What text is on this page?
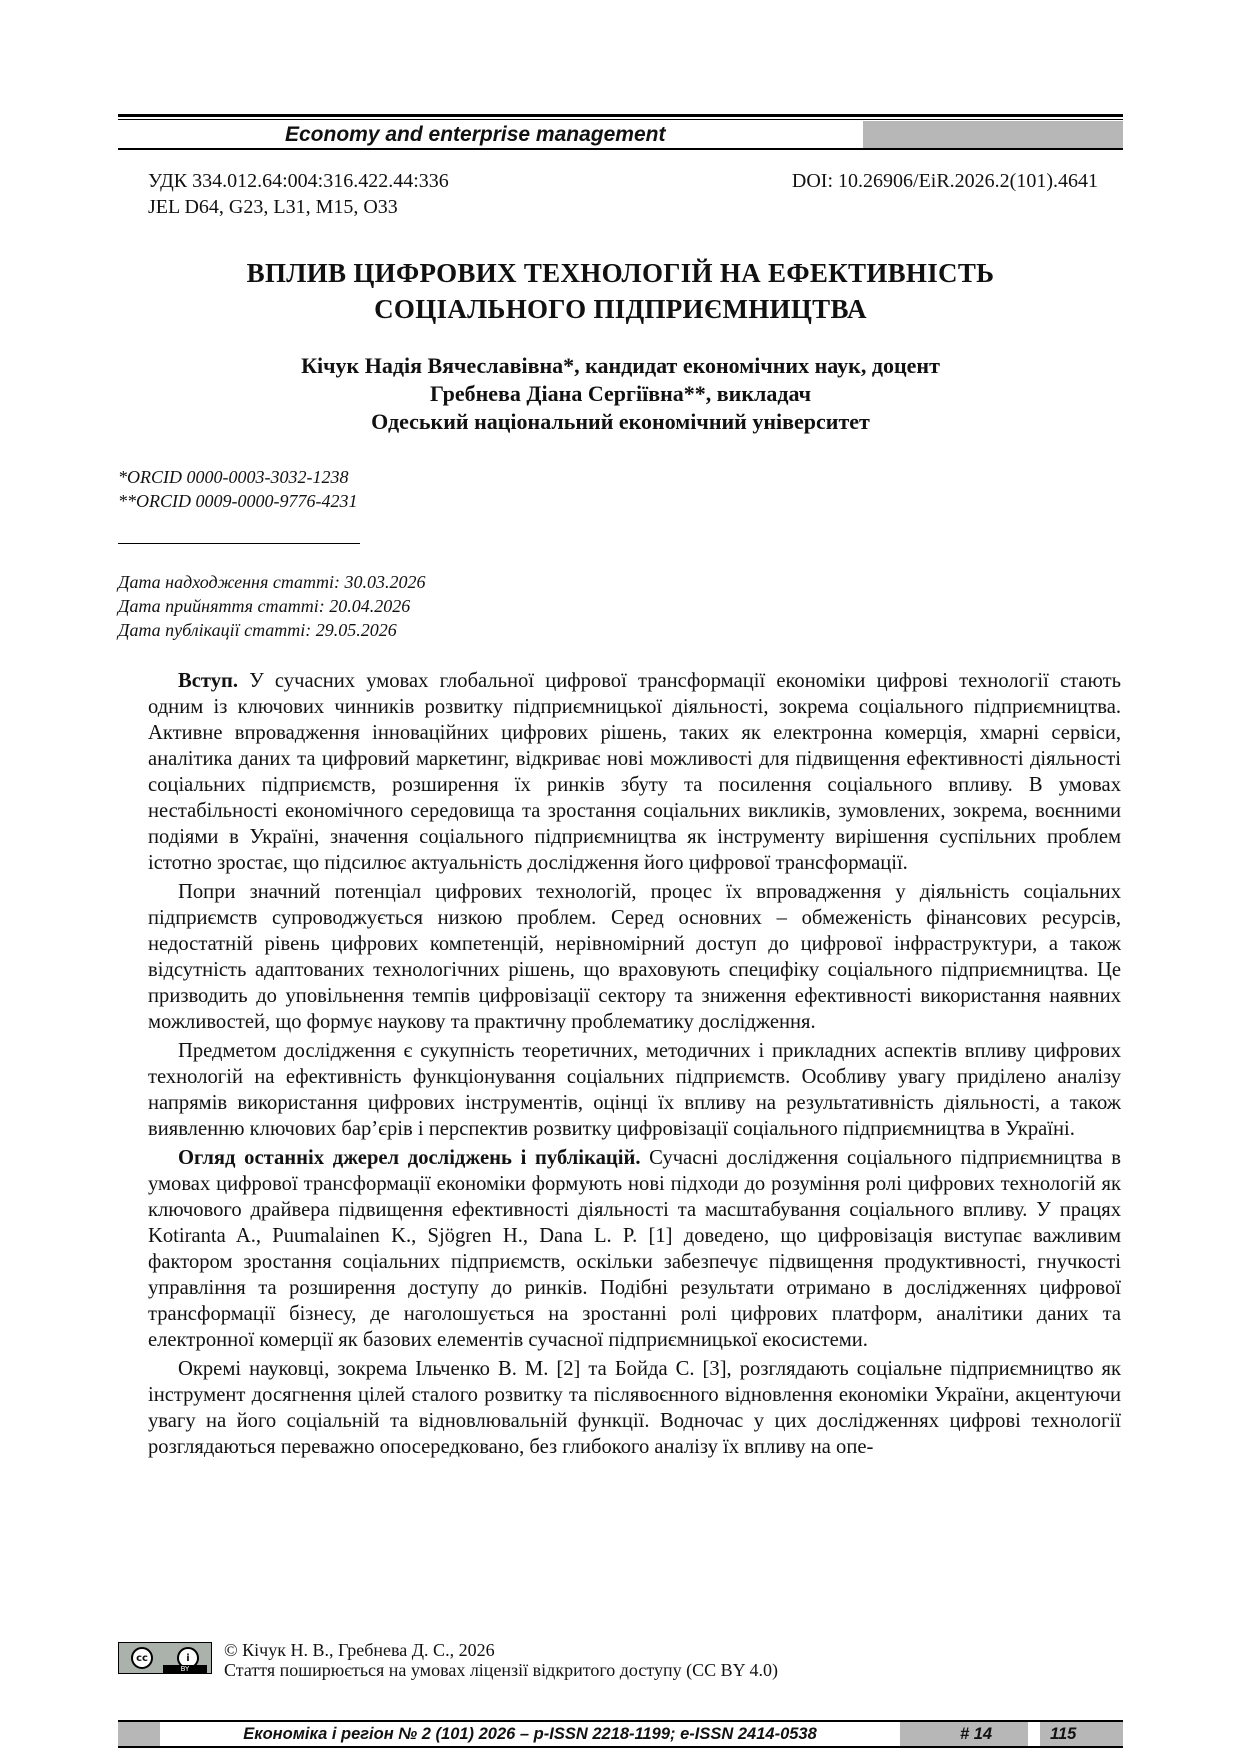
Economy and enterprise management
УДК 334.012.64:004:316.422.44:336	DOI: 10.26906/EiR.2026.2(101).4641
JEL D64, G23, L31, M15, O33
ВПЛИВ ЦИФРОВИХ ТЕХНОЛОГІЙ НА ЕФЕКТИВНІСТЬ
СОЦІАЛЬНОГО ПІДПРИЄМНИЦТВА
Кічук Надія Вячеславівна*, кандидат економічних наук, доцент
Гребнева Діана Сергіївна**, викладач
Одеський національний економічний університет
*ORCID 0000-0003-3032-1238
**ORCID 0009-0000-9776-4231
Дата надходження статті: 30.03.2026
Дата прийняття статті: 20.04.2026
Дата публікації статті: 29.05.2026

Вступ. У сучасних умовах глобальної цифрової трансформації економіки цифрові технології стають одним із ключових чинників розвитку підприємницької діяльності, зокрема соціального підприємництва. Активне впровадження інноваційних цифрових рішень, таких як електронна комерція, хмарні сервіси, аналітика даних та цифровий маркетинг, відкриває нові можливості для підвищення ефективності діяльності соціальних підприємств, розширення їх ринків збуту та посилення соціального впливу. В умовах нестабільності економічного середовища та зростання соціальних викликів, зумовлених, зокрема, воєнними подіями в Україні, значення соціального підприємництва як інструменту вирішення суспільних проблем істотно зростає, що підсилює актуальність дослідження його цифрової трансформації.

Попри значний потенціал цифрових технологій, процес їх впровадження у діяльність соціальних підприємств супроводжується низкою проблем. Серед основних – обмеженість фінансових ресурсів, недостатній рівень цифрових компетенцій, нерівномірний доступ до цифрової інфраструктури, а також відсутність адаптованих технологічних рішень, що враховують специфіку соціального підприємництва. Це призводить до уповільнення темпів цифровізації сектору та зниження ефективності використання наявних можливостей, що формує наукову та практичну проблематику дослідження.

Предметом дослідження є сукупність теоретичних, методичних і прикладних аспектів впливу цифрових технологій на ефективність функціонування соціальних підприємств. Особливу увагу приділено аналізу напрямів використання цифрових інструментів, оцінці їх впливу на результативність діяльності, а також виявленню ключових бар’єрів і перспектив розвитку цифровізації соціального підприємництва в Україні.

Огляд останніх джерел досліджень і публікацій. Сучасні дослідження соціального підприємництва в умовах цифрової трансформації економіки формують нові підходи до розуміння ролі цифрових технологій як ключового драйвера підвищення ефективності діяльності та масштабування соціального впливу. У працях Kotiranta A., Puumalainen K., Sjögren H., Dana L. P. [1] доведено, що цифровізація виступає важливим фактором зростання соціальних підприємств, оскільки забезпечує підвищення продуктивності, гнучкості управління та розширення доступу до ринків. Подібні результати отримано в дослідженнях цифрової трансформації бізнесу, де наголошується на зростанні ролі цифрових платформ, аналітики даних та електронної комерції як базових елементів сучасної підприємницької екосистеми.

Окремі науковці, зокрема Ільченко В. М. [2] та Бойда С. [3], розглядають соціальне підприємництво як інструмент досягнення цілей сталого розвитку та післявоєнного відновлення економіки України, акцентуючи увагу на його соціальній та відновлювальній функції. Водночас у цих дослідженнях цифрові технології розглядаються переважно опосередковано, без глибокого аналізу їх впливу на опе-

cc	i
BY
© Кічук Н. В., Гребнева Д. С., 2026
Стаття поширюється на умовах ліцензії відкритого доступу (CC BY 4.0)
Економіка і регіон № 2 (101) 2026 – p-ISSN 2218-1199; e-ISSN 2414-0538	# 14	115
